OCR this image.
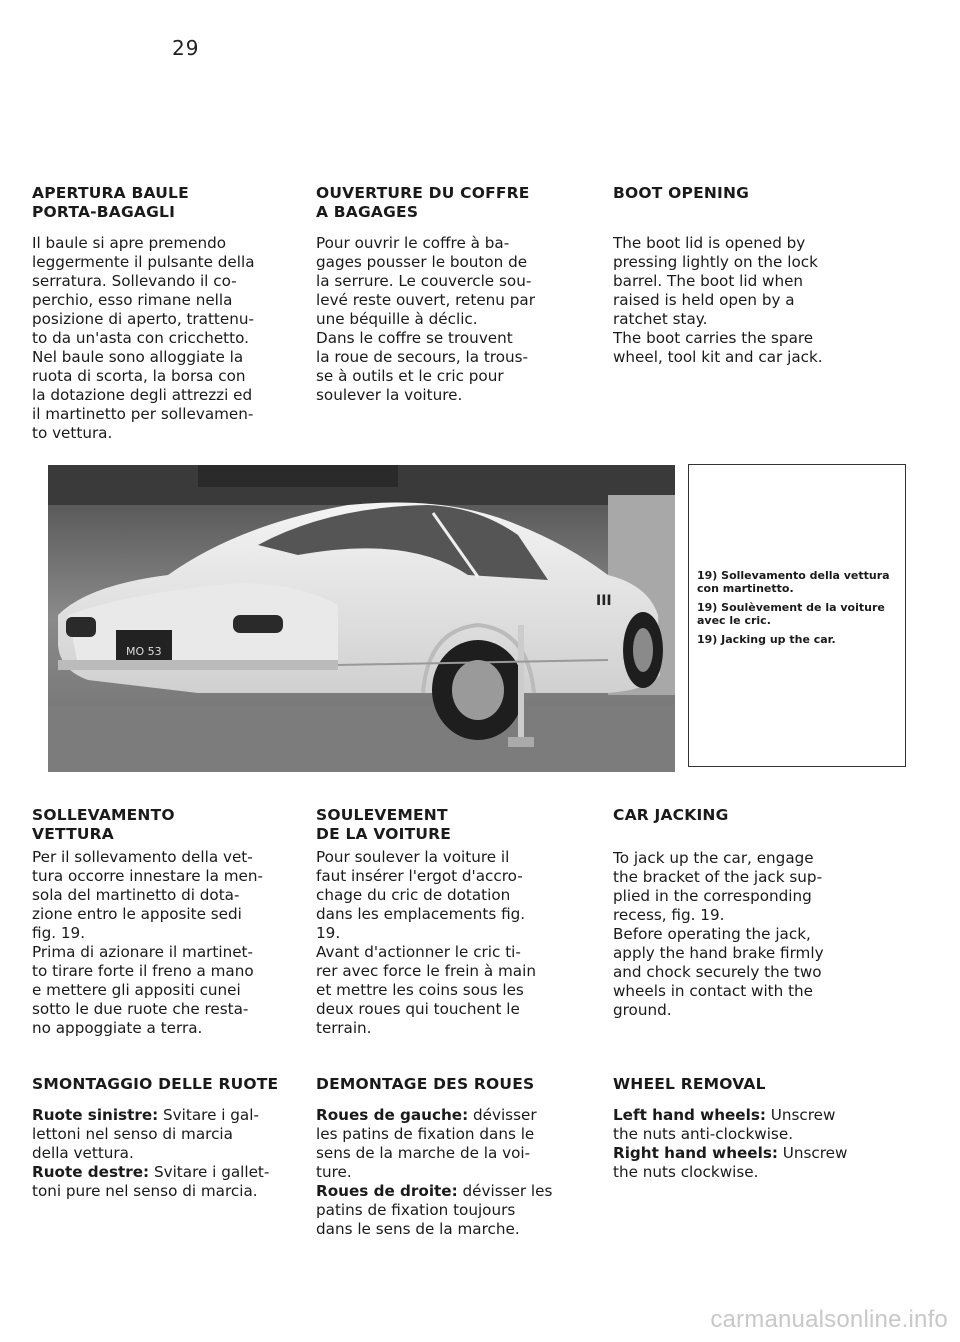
29
APERTURA BAULE
PORTA-BAGAGLI

Il baule si apre premendo

leggermente il pulsante della

serratura. Sollevando il co-

perchio, esso rimane nella

posizione di aperto, trattenu-

to da un'asta con cricchetto.

Nel baule sono alloggiate la

ruota di scorta, la borsa con

la dotazione degli attrezzi ed

il martinetto per sollevamen-

to vettura.

OUVERTURE DU COFFRE
A BAGAGES

Pour ouvrir le coffre à ba-

gages pousser le bouton de

la serrure. Le couvercle sou-

levé reste ouvert, retenu par

une béquille à déclic.

Dans le coffre se trouvent

la roue de secours, la trous-

se à outils et le cric pour

soulever la voiture.

BOOT OPENING

The boot lid is opened by

pressing lightly on the lock

barrel. The boot lid when

raised is held open by a

ratchet stay.

The boot carries the spare

wheel, tool kit and car jack.

MO 53
III

19) Sollevamento della vettura con martinetto.

19) Soulèvement de la voiture avec le cric.

19) Jacking up the car.

SOLLEVAMENTO
VETTURA

Per il sollevamento della vet-

tura occorre innestare la men-

sola del martinetto di dota-

zione entro le apposite sedi

fig. 19.

Prima di azionare il martinet-

to tirare forte il freno a mano

e mettere gli appositi cunei

sotto le due ruote che resta-

no appoggiate a terra.

SOULEVEMENT
DE LA VOITURE

Pour soulever la voiture il

faut insérer l'ergot d'accro-

chage du cric de dotation

dans les emplacements fig.

19.

Avant d'actionner le cric ti-

rer avec force le frein à main

et mettre les coins sous les

deux roues qui touchent le

terrain.

CAR JACKING

To jack up the car, engage

the bracket of the jack sup-

plied in the corresponding

recess, fig. 19.

Before operating the jack,

apply the hand brake firmly

and chock securely the two

wheels in contact with the

ground.

SMONTAGGIO DELLE RUOTE

Ruote sinistre: Svitare i gal-

lettoni nel senso di marcia

della vettura.

Ruote destre: Svitare i gallet-

toni pure nel senso di marcia.

DEMONTAGE DES ROUES

Roues de gauche: dévisser

les patins de fixation dans le

sens de la marche de la voi-

ture.

Roues de droite: dévisser les

patins de fixation toujours

dans le sens de la marche.

WHEEL REMOVAL

Left hand wheels: Unscrew

the nuts anti-clockwise.

Right hand wheels: Unscrew

the nuts clockwise.

carmanualsonline.info
